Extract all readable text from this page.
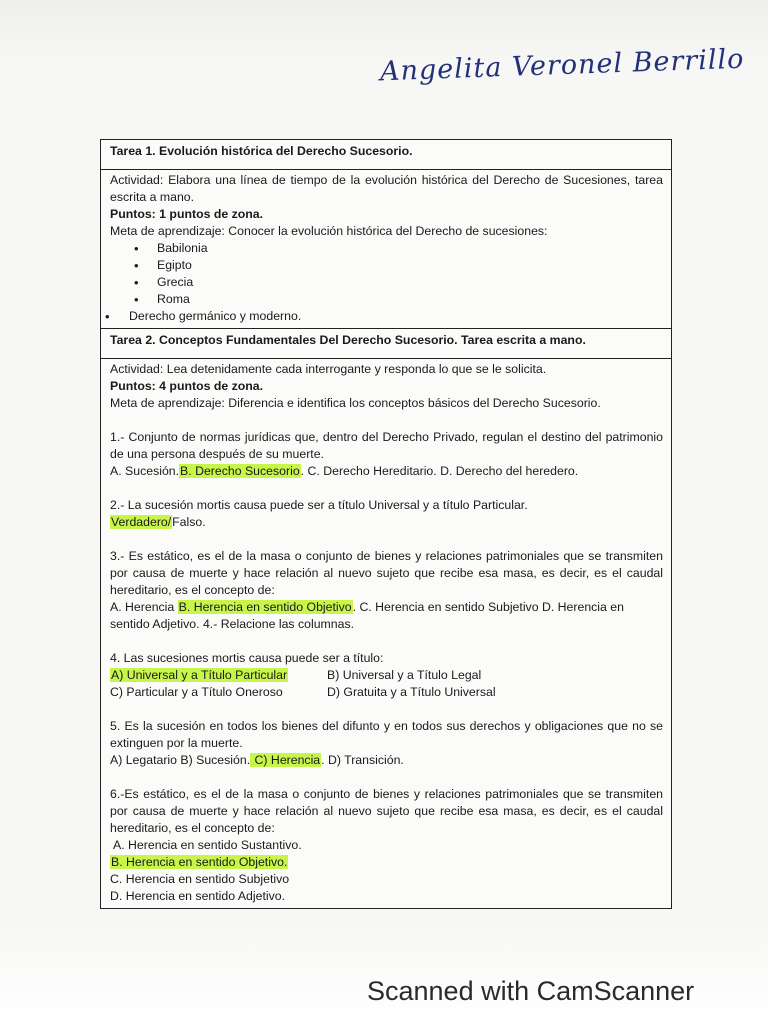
Angelita Veronel Berrillo
Tarea 1. Evolución histórica del Derecho Sucesorio.

Actividad: Elabora una línea de tiempo de la evolución histórica del Derecho de Sucesiones, tarea escrita a mano.

Puntos: 1 puntos de zona.

Meta de aprendizaje: Conocer la evolución histórica del Derecho de sucesiones:

• Babilonia

• Egipto

• Grecia

• Roma

• Derecho germánico y moderno.

Tarea 2. Conceptos Fundamentales Del Derecho Sucesorio. Tarea escrita a mano.

Actividad: Lea detenidamente cada interrogante y responda lo que se le solicita.

Puntos: 4 puntos de zona.

Meta de aprendizaje: Diferencia e identifica los conceptos básicos del Derecho Sucesorio.

1.- Conjunto de normas jurídicas que, dentro del Derecho Privado, regulan el destino del patrimonio de una persona después de su muerte.

A. Sucesión.B. Derecho Sucesorio. C. Derecho Hereditario. D. Derecho del heredero.

2.- La sucesión mortis causa puede ser a título Universal y a título Particular.

Verdadero/Falso.

3.- Es estático, es el de la masa o conjunto de bienes y relaciones patrimoniales que se transmiten por causa de muerte y hace relación al nuevo sujeto que recibe esa masa, es decir, es el caudal hereditario, es el concepto de:

A. Herencia B. Herencia en sentido Objetivo. C. Herencia en sentido Subjetivo D. Herencia en sentido Adjetivo. 4.- Relacione las columnas.

4. Las sucesiones mortis causa puede ser a título:

A) Universal y a Título Particular	B) Universal y a Título Legal
C) Particular y a Título Oneroso	D) Gratuita y a Título Universal

5. Es la sucesión en todos los bienes del difunto y en todos sus derechos y obligaciones que no se extinguen por la muerte.

A) Legatario B) Sucesión. C) Herencia. D) Transición.

6.-Es estático, es el de la masa o conjunto de bienes y relaciones patrimoniales que se transmiten por causa de muerte y hace relación al nuevo sujeto que recibe esa masa, es decir, es el caudal hereditario, es el concepto de:

A. Herencia en sentido Sustantivo.

B. Herencia en sentido Objetivo.

C. Herencia en sentido Subjetivo

D. Herencia en sentido Adjetivo.

Scanned with CamScanner
